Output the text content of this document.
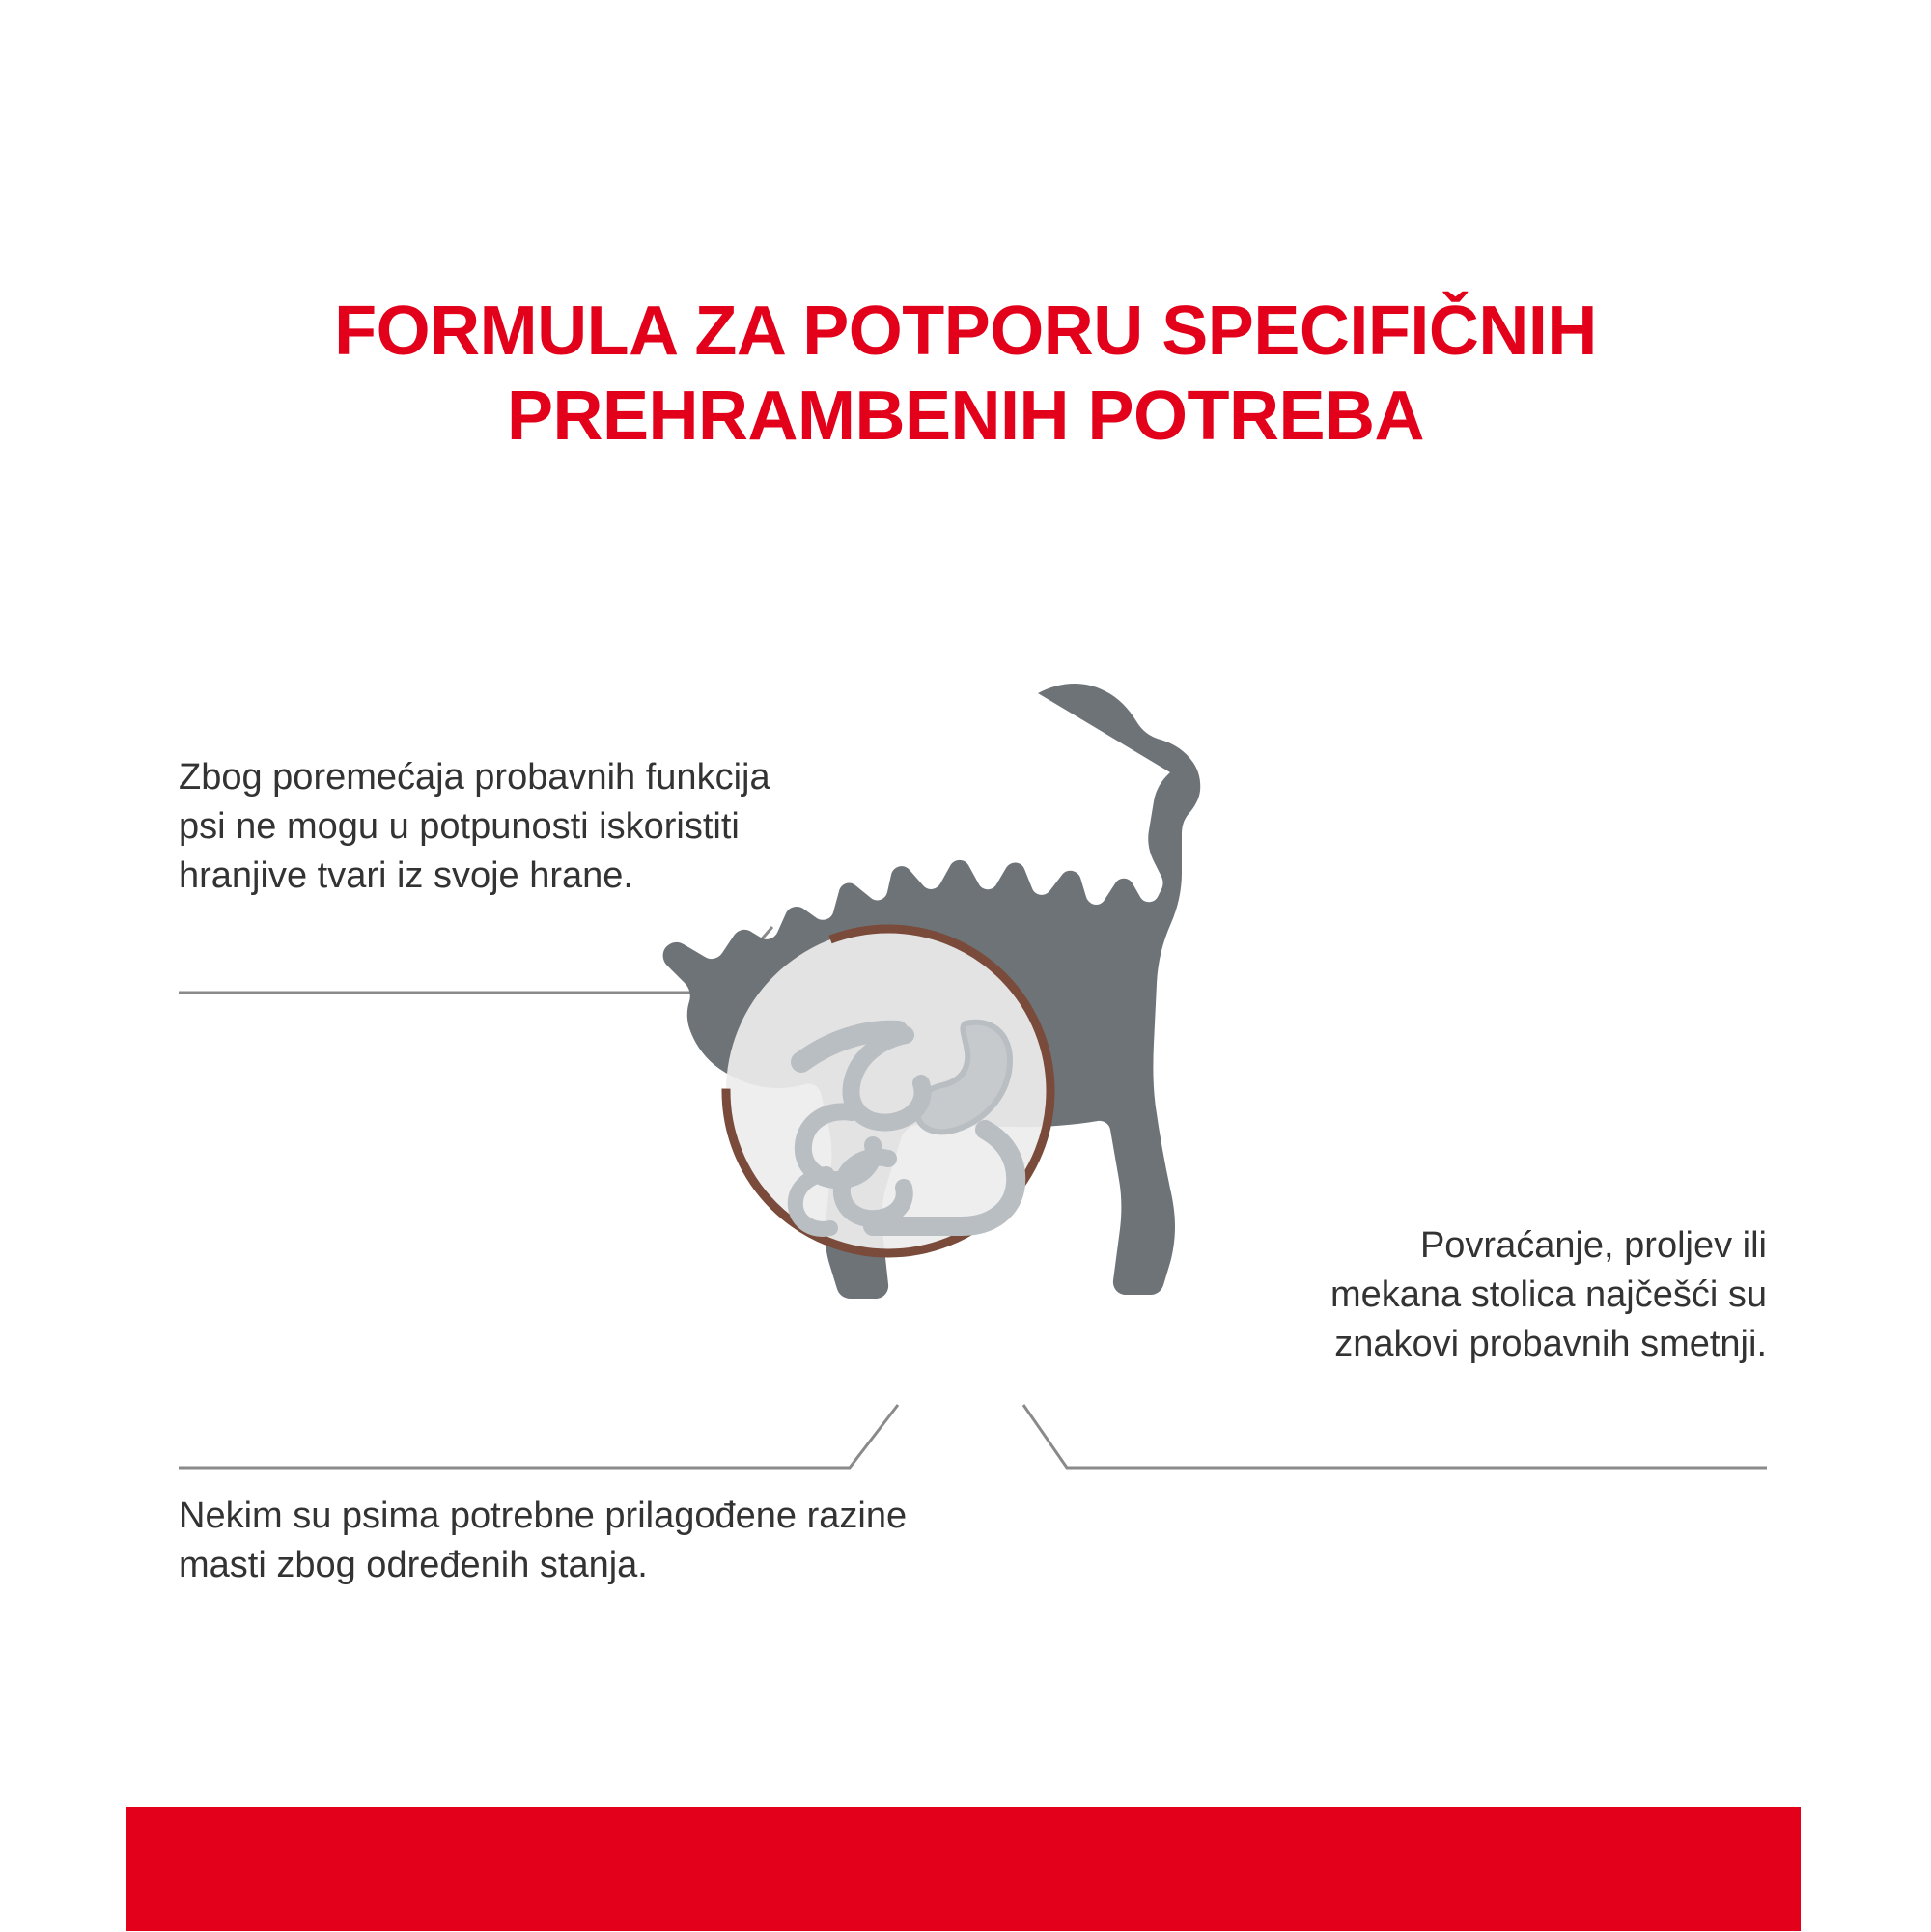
FORMULA ZA POTPORU SPECIFIČNIH
PREHRAMBENIH POTREBA
Zbog poremećaja probavnih funkcija psi ne mogu u potpunosti iskoristiti hranjive tvari iz svoje hrane.
Nekim su psima potrebne prilagođene razine masti zbog određenih stanja.
Povraćanje, proljev ili mekana stolica najčešći su znakovi probavnih smetnji.
